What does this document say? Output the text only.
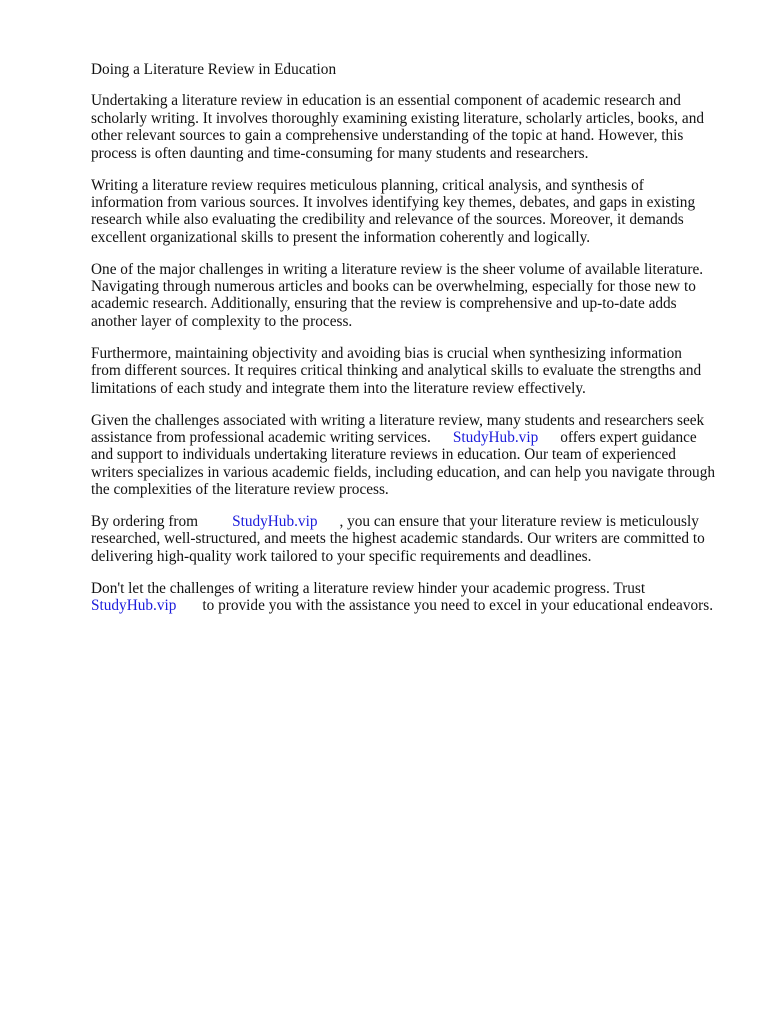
Doing a Literature Review in Education
Undertaking a literature review in education is an essential component of academic research and
scholarly writing. It involves thoroughly examining existing literature, scholarly articles, books, and
other relevant sources to gain a comprehensive understanding of the topic at hand. However, this
process is often daunting and time-consuming for many students and researchers.
Writing a literature review requires meticulous planning, critical analysis, and synthesis of
information from various sources. It involves identifying key themes, debates, and gaps in existing
research while also evaluating the credibility and relevance of the sources. Moreover, it demands
excellent organizational skills to present the information coherently and logically.
One of the major challenges in writing a literature review is the sheer volume of available literature.
Navigating through numerous articles and books can be overwhelming, especially for those new to
academic research. Additionally, ensuring that the review is comprehensive and up-to-date adds
another layer of complexity to the process.
Furthermore, maintaining objectivity and avoiding bias is crucial when synthesizing information
from different sources. It requires critical thinking and analytical skills to evaluate the strengths and
limitations of each study and integrate them into the literature review effectively.
Given the challenges associated with writing a literature review, many students and researchers seek
assistance from professional academic writing services. StudyHub.vip offers expert guidance
and support to individuals undertaking literature reviews in education. Our team of experienced
writers specializes in various academic fields, including education, and can help you navigate through
the complexities of the literature review process.
By ordering from StudyHub.vip , you can ensure that your literature review is meticulously
researched, well-structured, and meets the highest academic standards. Our writers are committed to
delivering high-quality work tailored to your specific requirements and deadlines.
Don't let the challenges of writing a literature review hinder your academic progress. Trust
StudyHub.vip to provide you with the assistance you need to excel in your educational endeavors.
